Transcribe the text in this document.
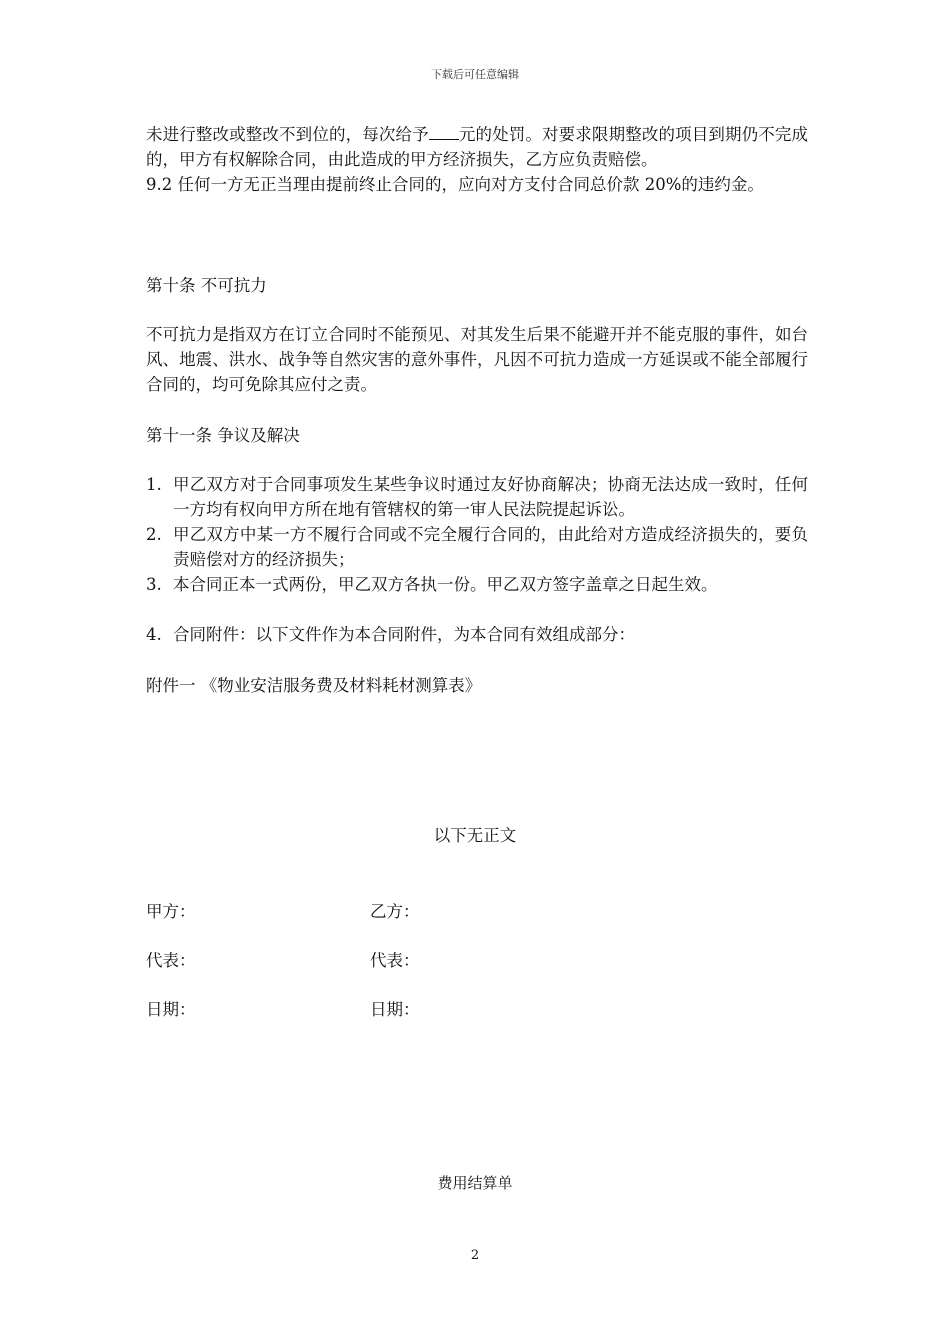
下载后可任意编辑

未进行整改或整改不到位的，每次给予 元的处罚。对要求限期整改的项目到期仍不完成的，甲方有权解除合同，由此造成的甲方经济损失，乙方应负责赔偿。

9.2 任何一方无正当理由提前终止合同的，应向对方支付合同总价款 20%的违约金。

第十条 不可抗力
不可抗力是指双方在订立合同时不能预见、对其发生后果不能避开并不能克服的事件，如台风、地震、洪水、战争等自然灾害的意外事件，凡因不可抗力造成一方延误或不能全部履行合同的，均可免除其应付之责。
第十一条 争议及解决
1. 甲乙双方对于合同事项发生某些争议时通过友好协商解决；协商无法达成一致时，任何一方均有权向甲方所在地有管辖权的第一审人民法院提起诉讼。
2. 甲乙双方中某一方不履行合同或不完全履行合同的，由此给对方造成经济损失的，要负责赔偿对方的经济损失；
3. 本合同正本一式两份，甲乙双方各执一份。甲乙双方签字盖章之日起生效。
4. 合同附件：以下文件作为本合同附件，为本合同有效组成部分：
附件一 《物业安洁服务费及材料耗材测算表》
以下无正文
甲方：	乙方：
代表：	代表：
日期：	日期：
费用结算单
2
